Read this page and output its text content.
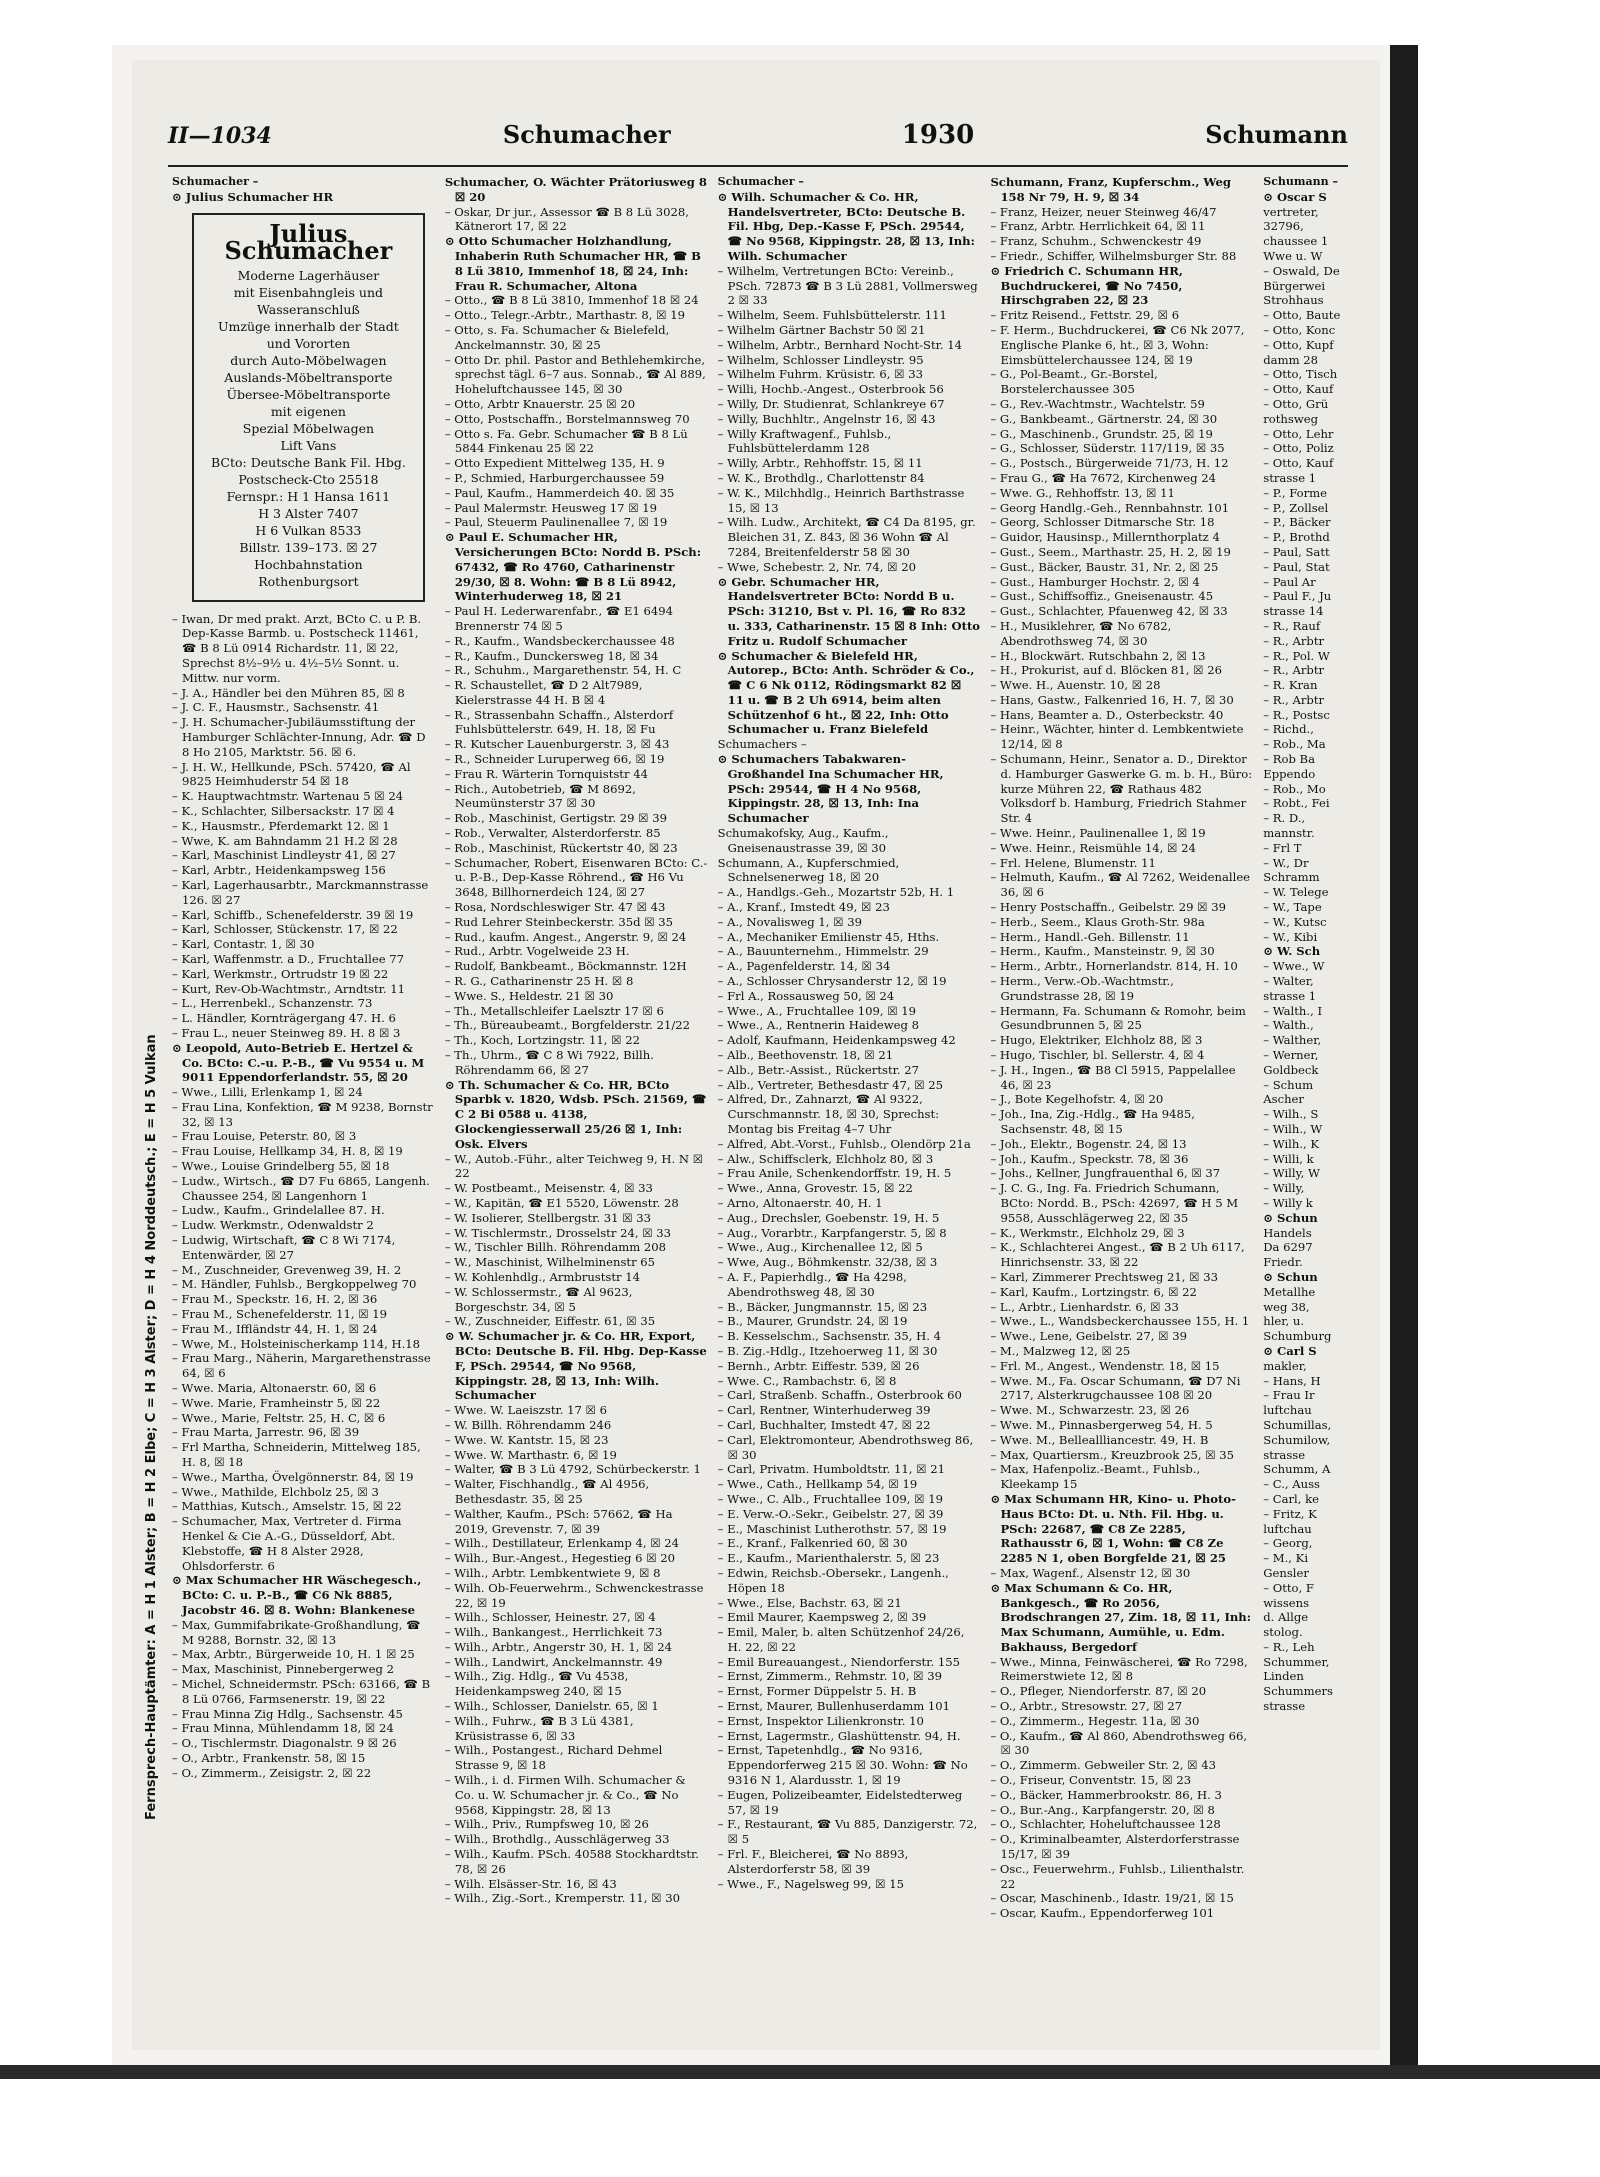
II—1034	Schumacher	1930	Schumann

Schumacher –

⊙ Julius Schumacher HR

Julius Schumacher
Moderne Lagerhäuser
mit Eisenbahngleis und
Wasseranschluß
Umzüge innerhalb der Stadt
und Vororten
durch Auto-Möbelwagen
Auslands-Möbeltransporte
Übersee-Möbeltransporte
mit eigenen
Spezial Möbelwagen
Lift Vans
BCto: Deutsche Bank Fil. Hbg.
Postscheck-Cto 25518
Fernspr.: H 1 Hansa 1611
H 3 Alster 7407
H 6 Vulkan 8533
Billstr. 139–173. ☒ 27
Hochbahnstation
Rothenburgsort

– Iwan, Dr med prakt. Arzt, BCto C. u P. B. Dep-Kasse Barmb. u. Postscheck 11461, ☎ B 8 Lü 0914 Richardstr. 11, ☒ 22, Sprechst 8½–9½ u. 4½–5½ Sonnt. u. Mittw. nur vorm.

– J. A., Händler bei den Mühren 85, ☒ 8

– J. C. F., Hausmstr., Sachsenstr. 41

– J. H. Schumacher-Jubiläumsstiftung der Hamburger Schlächter-Innung, Adr. ☎ D 8 Ho 2105, Marktstr. 56. ☒ 6.

– J. H. W., Hellkunde, PSch. 57420, ☎ Al 9825 Heimhuderstr 54 ☒ 18

– K. Hauptwachtmstr. Wartenau 5 ☒ 24

– K., Schlachter, Silbersackstr. 17 ☒ 4

– K., Hausmstr., Pferdemarkt 12. ☒ 1

– Wwe, K. am Bahndamm 21 H.2 ☒ 28

– Karl, Maschinist Lindleystr 41, ☒ 27

– Karl, Arbtr., Heidenkampsweg 156

– Karl, Lagerhausarbtr., Marckmannstrasse 126. ☒ 27

– Karl, Schiffb., Schenefelderstr. 39 ☒ 19

– Karl, Schlosser, Stückenstr. 17, ☒ 22

– Karl, Contastr. 1, ☒ 30

– Karl, Waffenmstr. a D., Fruchtallee 77

– Karl, Werkmstr., Ortrudstr 19 ☒ 22

– Kurt, Rev-Ob-Wachtmstr., Arndtstr. 11

– L., Herrenbekl., Schanzenstr. 73

– L. Händler, Kornträgergang 47. H. 6

– Frau L., neuer Steinweg 89. H. 8 ☒ 3

⊙ Leopold, Auto-Betrieb E. Hertzel & Co. BCto: C.-u. P.-B., ☎ Vu 9554 u. M 9011 Eppendorferlandstr. 55, ☒ 20

– Wwe., Lilli, Erlenkamp 1, ☒ 24

– Frau Lina, Konfektion, ☎ M 9238, Bornstr 32, ☒ 13

– Frau Louise, Peterstr. 80, ☒ 3

– Frau Louise, Hellkamp 34, H. 8, ☒ 19

– Wwe., Louise Grindelberg 55, ☒ 18

– Ludw., Wirtsch., ☎ D7 Fu 6865, Langenh. Chaussee 254, ☒ Langenhorn 1

– Ludw., Kaufm., Grindelallee 87. H.

– Ludw. Werkmstr., Odenwaldstr 2

– Ludwig, Wirtschaft, ☎ C 8 Wi 7174, Entenwärder, ☒ 27

– M., Zuschneider, Grevenweg 39, H. 2

– M. Händler, Fuhlsb., Bergkoppelweg 70

– Frau M., Speckstr. 16, H. 2, ☒ 36

– Frau M., Schenefelderstr. 11, ☒ 19

– Frau M., Iffländstr 44, H. 1, ☒ 24

– Wwe, M., Holsteinischerkamp 114, H.18

– Frau Marg., Näherin, Margarethenstrasse 64, ☒ 6

– Wwe. Maria, Altonaerstr. 60, ☒ 6

– Wwe. Marie, Framheinstr 5, ☒ 22

– Wwe., Marie, Feltstr. 25, H. C, ☒ 6

– Frau Marta, Jarrestr. 96, ☒ 39

– Frl Martha, Schneiderin, Mittelweg 185, H. 8, ☒ 18

– Wwe., Martha, Övelgönnerstr. 84, ☒ 19

– Wwe., Mathilde, Elchbolz 25, ☒ 3

– Matthias, Kutsch., Amselstr. 15, ☒ 22

– Schumacher, Max, Vertreter d. Firma Henkel & Cie A.-G., Düsseldorf, Abt. Klebstoffe, ☎ H 8 Alster 2928, Ohlsdorferstr. 6

⊙ Max Schumacher HR Wäschegesch., BCto: C. u. P.-B., ☎ C6 Nk 8885, Jacobstr 46. ☒ 8. Wohn: Blankenese

– Max, Gummifabrikate-Großhandlung, ☎ M 9288, Bornstr. 32, ☒ 13

– Max, Arbtr., Bürgerweide 10, H. 1 ☒ 25

– Max, Maschinist, Pinnebergerweg 2

– Michel, Schneidermstr. PSch: 63166, ☎ B 8 Lü 0766, Farmsenerstr. 19, ☒ 22

– Frau Minna Zig Hdlg., Sachsenstr. 45

– Frau Minna, Mühlendamm 18, ☒ 24

– O., Tischlermstr. Diagonalstr. 9 ☒ 26

– O., Arbtr., Frankenstr. 58, ☒ 15

– O., Zimmerm., Zeisigstr. 2, ☒ 22

Schumacher, O. Wächter Prätoriusweg 8 ☒ 20

– Oskar, Dr jur., Assessor ☎ B 8 Lü 3028, Kätnerort 17, ☒ 22

⊙ Otto Schumacher Holzhandlung, Inhaberin Ruth Schumacher HR, ☎ B 8 Lü 3810, Immenhof 18, ☒ 24, Inh: Frau R. Schumacher, Altona

– Otto., ☎ B 8 Lü 3810, Immenhof 18 ☒ 24

– Otto., Telegr.-Arbtr., Marthastr. 8, ☒ 19

– Otto, s. Fa. Schumacher & Bielefeld, Anckelmannstr. 30, ☒ 25

– Otto Dr. phil. Pastor and Bethlehemkirche, sprechst tägl. 6–7 aus. Sonnab., ☎ Al 889, Hoheluftchaussee 145, ☒ 30

– Otto, Arbtr Knauerstr. 25 ☒ 20

– Otto, Postschaffn., Borstelmannsweg 70

– Otto s. Fa. Gebr. Schumacher ☎ B 8 Lü 5844 Finkenau 25 ☒ 22

– Otto Expedient Mittelweg 135, H. 9

– P., Schmied, Harburgerchaussee 59

– Paul, Kaufm., Hammerdeich 40. ☒ 35

– Paul Malermstr. Heusweg 17 ☒ 19

– Paul, Steuerm Paulinenallee 7, ☒ 19

⊙ Paul E. Schumacher HR, Versicherungen BCto: Nordd B. PSch: 67432, ☎ Ro 4760, Catharinenstr 29/30, ☒ 8. Wohn: ☎ B 8 Lü 8942, Winterhuderweg 18, ☒ 21

– Paul H. Lederwarenfabr., ☎ E1 6494 Brennerstr 74 ☒ 5

– R., Kaufm., Wandsbeckerchaussee 48

– R., Kaufm., Dunckersweg 18, ☒ 34

– R., Schuhm., Margarethenstr. 54, H. C

– R. Schaustellet, ☎ D 2 Alt7989, Kielerstrasse 44 H. B ☒ 4

– R., Strassenbahn Schaffn., Alsterdorf Fuhlsbüttelerstr. 649, H. 18, ☒ Fu

– R. Kutscher Lauenburgerstr. 3, ☒ 43

– R., Schneider Luruperweg 66, ☒ 19

– Frau R. Wärterin Tornquiststr 44

– Rich., Autobetrieb, ☎ M 8692, Neumünsterstr 37 ☒ 30

– Rob., Maschinist, Gertigstr. 29 ☒ 39

– Rob., Verwalter, Alsterdorferstr. 85

– Rob., Maschinist, Rückertstr 40, ☒ 23

– Schumacher, Robert, Eisenwaren BCto: C.-u. P.-B., Dep-Kasse Röhrend., ☎ H6 Vu 3648, Billhornerdeich 124, ☒ 27

– Rosa, Nordschleswiger Str. 47 ☒ 43

– Rud Lehrer Steinbeckerstr. 35d ☒ 35

– Rud., kaufm. Angest., Angerstr. 9, ☒ 24

– Rud., Arbtr. Vogelweide 23 H.

– Rudolf, Bankbeamt., Böckmannstr. 12H

– R. G., Catharinenstr 25 H. ☒ 8

– Wwe. S., Heldestr. 21 ☒ 30

– Th., Metallschleifer Laelsztr 17 ☒ 6

– Th., Büreaubeamt., Borgfelderstr. 21/22

– Th., Koch, Lortzingstr. 11, ☒ 22

– Th., Uhrm., ☎ C 8 Wi 7922, Billh. Röhrendamm 66, ☒ 27

⊙ Th. Schumacher & Co. HR, BCto Sparbk v. 1820, Wdsb. PSch. 21569, ☎ C 2 Bi 0588 u. 4138, Glockengiesserwall 25/26 ☒ 1, Inh: Osk. Elvers

– W., Autob.-Führ., alter Teichweg 9, H. N ☒ 22

– W. Postbeamt., Meisenstr. 4, ☒ 33

– W., Kapitän, ☎ E1 5520, Löwenstr. 28

– W. Isolierer, Stellbergstr. 31 ☒ 33

– W. Tischlermstr., Drosselstr 24, ☒ 33

– W., Tischler Billh. Röhrendamm 208

– W., Maschinist, Wilhelminenstr 65

– W. Kohlenhdlg., Armbruststr 14

– W. Schlossermstr., ☎ Al 9623, Borgeschstr. 34, ☒ 5

– W., Zuschneider, Eiffestr. 61, ☒ 35

⊙ W. Schumacher jr. & Co. HR, Export, BCto: Deutsche B. Fil. Hbg. Dep-Kasse F, PSch. 29544, ☎ No 9568, Kippingstr. 28, ☒ 13, Inh: Wilh. Schumacher

– Wwe. W. Laeiszstr. 17 ☒ 6

– W. Billh. Röhrendamm 246

– Wwe. W. Kantstr. 15, ☒ 23

– Wwe. W. Marthastr. 6, ☒ 19

– Walter, ☎ B 3 Lü 4792, Schürbeckerstr. 1

– Walter, Fischhandlg., ☎ Al 4956, Bethesdastr. 35, ☒ 25

– Walther, Kaufm., PSch: 57662, ☎ Ha 2019, Grevenstr. 7, ☒ 39

– Wilh., Destillateur, Erlenkamp 4, ☒ 24

– Wilh., Bur.-Angest., Hegestieg 6 ☒ 20

– Wilh., Arbtr. Lembkentwiete 9, ☒ 8

– Wilh. Ob-Feuerwehrm., Schwenckestrasse 22, ☒ 19

– Wilh., Schlosser, Heinestr. 27, ☒ 4

– Wilh., Bankangest., Herrlichkeit 73

– Wilh., Arbtr., Angerstr 30, H. 1, ☒ 24

– Wilh., Landwirt, Anckelmannstr. 49

– Wilh., Zig. Hdlg., ☎ Vu 4538, Heidenkampsweg 240, ☒ 15

– Wilh., Schlosser, Danielstr. 65, ☒ 1

– Wilh., Fuhrw., ☎ B 3 Lü 4381, Krüsistrasse 6, ☒ 33

– Wilh., Postangest., Richard Dehmel Strasse 9, ☒ 18

– Wilh., i. d. Firmen Wilh. Schumacher & Co. u. W. Schumacher jr. & Co., ☎ No 9568, Kippingstr. 28, ☒ 13

– Wilh., Priv., Rumpfsweg 10, ☒ 26

– Wilh., Brothdlg., Ausschlägerweg 33

– Wilh., Kaufm. PSch. 40588 Stockhardtstr. 78, ☒ 26

– Wilh. Elsässer-Str. 16, ☒ 43

– Wilh., Zig.-Sort., Kremperstr. 11, ☒ 30

Schumacher –

⊙ Wilh. Schumacher & Co. HR, Handelsvertreter, BCto: Deutsche B. Fil. Hbg, Dep.-Kasse F, PSch. 29544, ☎ No 9568, Kippingstr. 28, ☒ 13, Inh: Wilh. Schumacher

– Wilhelm, Vertretungen BCto: Vereinb., PSch. 72873 ☎ B 3 Lü 2881, Vollmersweg 2 ☒ 33

– Wilhelm, Seem. Fuhlsbüttelerstr. 111

– Wilhelm Gärtner Bachstr 50 ☒ 21

– Wilhelm, Arbtr., Bernhard Nocht-Str. 14

– Wilhelm, Schlosser Lindleystr. 95

– Wilhelm Fuhrm. Krüsistr. 6, ☒ 33

– Willi, Hochb.-Angest., Osterbrook 56

– Willy, Dr. Studienrat, Schlankreye 67

– Willy, Buchhltr., Angelnstr 16, ☒ 43

– Willy Kraftwagenf., Fuhlsb., Fuhlsbüttelerdamm 128

– Willy, Arbtr., Rehhoffstr. 15, ☒ 11

– W. K., Brothdlg., Charlottenstr 84

– W. K., Milchhdlg., Heinrich Barthstrasse 15, ☒ 13

– Wilh. Ludw., Architekt, ☎ C4 Da 8195, gr. Bleichen 31, Z. 843, ☒ 36 Wohn ☎ Al 7284, Breitenfelderstr 58 ☒ 30

– Wwe, Schebestr. 2, Nr. 74, ☒ 20

⊙ Gebr. Schumacher HR, Handelsvertreter BCto: Nordd B u. PSch: 31210, Bst v. Pl. 16, ☎ Ro 832 u. 333, Catharinenstr. 15 ☒ 8 Inh: Otto Fritz u. Rudolf Schumacher

⊙ Schumacher & Bielefeld HR, Autorep., BCto: Anth. Schröder & Co., ☎ C 6 Nk 0112, Rödingsmarkt 82 ☒ 11 u. ☎ B 2 Uh 6914, beim alten Schützenhof 6 ht., ☒ 22, Inh: Otto Schumacher u. Franz Bielefeld

Schumachers –

⊙ Schumachers Tabakwaren-Großhandel Ina Schumacher HR, PSch: 29544, ☎ H 4 No 9568, Kippingstr. 28, ☒ 13, Inh: Ina Schumacher

Schumakofsky, Aug., Kaufm., Gneisenaustrasse 39, ☒ 30

Schumann, A., Kupferschmied, Schnelsenerweg 18, ☒ 20

– A., Handlgs.-Geh., Mozartstr 52b, H. 1

– A., Kranf., Imstedt 49, ☒ 23

– A., Novalisweg 1, ☒ 39

– A., Mechaniker Emilienstr 45, Hths.

– A., Bauunternehm., Himmelstr. 29

– A., Pagenfelderstr. 14, ☒ 34

– A., Schlosser Chrysanderstr 12, ☒ 19

– Frl A., Rossausweg 50, ☒ 24

– Wwe., A., Fruchtallee 109, ☒ 19

– Wwe., A., Rentnerin Haideweg 8

– Adolf, Kaufmann, Heidenkampsweg 42

– Alb., Beethovenstr. 18, ☒ 21

– Alb., Betr.-Assist., Rückertstr. 27

– Alb., Vertreter, Bethesdastr 47, ☒ 25

– Alfred, Dr., Zahnarzt, ☎ Al 9322, Curschmannstr. 18, ☒ 30, Sprechst: Montag bis Freitag 4–7 Uhr

– Alfred, Abt.-Vorst., Fuhlsb., Olendörp 21a

– Alw., Schiffsclerk, Elchholz 80, ☒ 3

– Frau Anile, Schenkendorffstr. 19, H. 5

– Wwe., Anna, Grovestr. 15, ☒ 22

– Arno, Altonaerstr. 40, H. 1

– Aug., Drechsler, Goebenstr. 19, H. 5

– Aug., Vorarbtr., Karpfangerstr. 5, ☒ 8

– Wwe., Aug., Kirchenallee 12, ☒ 5

– Wwe, Aug., Böhmkenstr. 32/38, ☒ 3

– A. F., Papierhdlg., ☎ Ha 4298, Abendrothsweg 48, ☒ 30

– B., Bäcker, Jungmannstr. 15, ☒ 23

– B., Maurer, Grundstr. 24, ☒ 19

– B. Kesselschm., Sachsenstr. 35, H. 4

– B. Zig.-Hdlg., Itzehoerweg 11, ☒ 30

– Bernh., Arbtr. Eiffestr. 539, ☒ 26

– Wwe. C., Rambachstr. 6, ☒ 8

– Carl, Straßenb. Schaffn., Osterbrook 60

– Carl, Rentner, Winterhuderweg 39

– Carl, Buchhalter, Imstedt 47, ☒ 22

– Carl, Elektromonteur, Abendrothsweg 86, ☒ 30

– Carl, Privatm. Humboldtstr. 11, ☒ 21

– Wwe., Cath., Hellkamp 54, ☒ 19

– Wwe., C. Alb., Fruchtallee 109, ☒ 19

– E. Verw.-O.-Sekr., Geibelstr. 27, ☒ 39

– E., Maschinist Lutherothstr. 57, ☒ 19

– E., Kranf., Falkenried 60, ☒ 30

– E., Kaufm., Marienthalerstr. 5, ☒ 23

– Edwin, Reichsb.-Obersekr., Langenh., Höpen 18

– Wwe., Else, Bachstr. 63, ☒ 21

– Emil Maurer, Kaempsweg 2, ☒ 39

– Emil, Maler, b. alten Schützenhof 24/26, H. 22, ☒ 22

– Emil Bureauangest., Niendorferstr. 155

– Ernst, Zimmerm., Rehmstr. 10, ☒ 39

– Ernst, Former Düppelstr 5. H. B

– Ernst, Maurer, Bullenhuserdamm 101

– Ernst, Inspektor Lilienkronstr. 10

– Ernst, Lagermstr., Glashüttenstr. 94, H.

– Ernst, Tapetenhdlg., ☎ No 9316, Eppendorferweg 215 ☒ 30. Wohn: ☎ No 9316 N 1, Alardusstr. 1, ☒ 19

– Eugen, Polizeibeamter, Eidelstedterweg 57, ☒ 19

– F., Restaurant, ☎ Vu 885, Danzigerstr. 72, ☒ 5

– Frl. F., Bleicherei, ☎ No 8893, Alsterdorferstr 58, ☒ 39

– Wwe., F., Nagelsweg 99, ☒ 15

Schumann, Franz, Kupferschm., Weg 158 Nr 79, H. 9, ☒ 34

– Franz, Heizer, neuer Steinweg 46/47

– Franz, Arbtr. Herrlichkeit 64, ☒ 11

– Franz, Schuhm., Schwenckestr 49

– Friedr., Schiffer, Wilhelmsburger Str. 88

⊙ Friedrich C. Schumann HR, Buchdruckerei, ☎ No 7450, Hirschgraben 22, ☒ 23

– Fritz Reisend., Fettstr. 29, ☒ 6

– F. Herm., Buchdruckerei, ☎ C6 Nk 2077, Englische Planke 6, ht., ☒ 3, Wohn: Eimsbüttelerchaussee 124, ☒ 19

– G., Pol-Beamt., Gr.-Borstel, Borstelerchaussee 305

– G., Rev.-Wachtmstr., Wachtelstr. 59

– G., Bankbeamt., Gärtnerstr. 24, ☒ 30

– G., Maschinenb., Grundstr. 25, ☒ 19

– G., Schlosser, Süderstr. 117/119, ☒ 35

– G., Postsch., Bürgerweide 71/73, H. 12

– Frau G., ☎ Ha 7672, Kirchenweg 24

– Wwe. G., Rehhoffstr. 13, ☒ 11

– Georg Handlg.-Geh., Rennbahnstr. 101

– Georg, Schlosser Ditmarsche Str. 18

– Guidor, Hausinsp., Millernthorplatz 4

– Gust., Seem., Marthastr. 25, H. 2, ☒ 19

– Gust., Bäcker, Baustr. 31, Nr. 2, ☒ 25

– Gust., Hamburger Hochstr. 2, ☒ 4

– Gust., Schiffsoffiz., Gneisenaustr. 45

– Gust., Schlachter, Pfauenweg 42, ☒ 33

– H., Musiklehrer, ☎ No 6782, Abendrothsweg 74, ☒ 30

– H., Blockwärt. Rutschbahn 2, ☒ 13

– H., Prokurist, auf d. Blöcken 81, ☒ 26

– Wwe. H., Auenstr. 10, ☒ 28

– Hans, Gastw., Falkenried 16, H. 7, ☒ 30

– Hans, Beamter a. D., Osterbeckstr. 40

– Heinr., Wächter, hinter d. Lembkentwiete 12/14, ☒ 8

– Schumann, Heinr., Senator a. D., Direktor d. Hamburger Gaswerke G. m. b. H., Büro: kurze Mühren 22, ☎ Rathaus 482 Volksdorf b. Hamburg, Friedrich Stahmer Str. 4

– Wwe. Heinr., Paulinenallee 1, ☒ 19

– Wwe. Heinr., Reismühle 14, ☒ 24

– Frl. Helene, Blumenstr. 11

– Helmuth, Kaufm., ☎ Al 7262, Weidenallee 36, ☒ 6

– Henry Postschaffn., Geibelstr. 29 ☒ 39

– Herb., Seem., Klaus Groth-Str. 98a

– Herm., Handl.-Geh. Billenstr. 11

– Herm., Kaufm., Mansteinstr. 9, ☒ 30

– Herm., Arbtr., Hornerlandstr. 814, H. 10

– Herm., Verw.-Ob.-Wachtmstr., Grundstrasse 28, ☒ 19

– Hermann, Fa. Schumann & Romohr, beim Gesundbrunnen 5, ☒ 25

– Hugo, Elektriker, Elchholz 88, ☒ 3

– Hugo, Tischler, bl. Sellerstr. 4, ☒ 4

– J. H., Ingen., ☎ B8 Cl 5915, Pappelallee 46, ☒ 23

– J., Bote Kegelhofstr. 4, ☒ 20

– Joh., Ina, Zig.-Hdlg., ☎ Ha 9485, Sachsenstr. 48, ☒ 15

– Joh., Elektr., Bogenstr. 24, ☒ 13

– Joh., Kaufm., Speckstr. 78, ☒ 36

– Johs., Kellner, Jungfrauenthal 6, ☒ 37

– J. C. G., Ing. Fa. Friedrich Schumann, BCto: Nordd. B., PSch: 42697, ☎ H 5 M 9558, Ausschlägerweg 22, ☒ 35

– K., Werkmstr., Elchholz 29, ☒ 3

– K., Schlachterei Angest., ☎ B 2 Uh 6117, Hinrichsenstr. 33, ☒ 22

– Karl, Zimmerer Prechtsweg 21, ☒ 33

– Karl, Kaufm., Lortzingstr. 6, ☒ 22

– L., Arbtr., Lienhardstr. 6, ☒ 33

– Wwe., L., Wandsbeckerchaussee 155, H. 1

– Wwe., Lene, Geibelstr. 27, ☒ 39

– M., Malzweg 12, ☒ 25

– Frl. M., Angest., Wendenstr. 18, ☒ 15

– Wwe. M., Fa. Oscar Schumann, ☎ D7 Ni 2717, Alsterkrugchaussee 108 ☒ 20

– Wwe. M., Schwarzestr. 23, ☒ 26

– Wwe. M., Pinnasbergerweg 54, H. 5

– Wwe. M., Belleallliancestr. 49, H. B

– Max, Quartiersm., Kreuzbrook 25, ☒ 35

– Max, Hafenpoliz.-Beamt., Fuhlsb., Kleekamp 15

⊙ Max Schumann HR, Kino- u. Photo-Haus BCto: Dt. u. Nth. Fil. Hbg. u. PSch: 22687, ☎ C8 Ze 2285, Rathausstr 6, ☒ 1, Wohn: ☎ C8 Ze 2285 N 1, oben Borgfelde 21, ☒ 25

– Max, Wagenf., Alsenstr 12, ☒ 30

⊙ Max Schumann & Co. HR, Bankgesch., ☎ Ro 2056, Brodschrangen 27, Zim. 18, ☒ 11, Inh: Max Schumann, Aumühle, u. Edm. Bakhauss, Bergedorf

– Wwe., Minna, Feinwäscherei, ☎ Ro 7298, Reimerstwiete 12, ☒ 8

– O., Pfleger, Niendorferstr. 87, ☒ 20

– O., Arbtr., Stresowstr. 27, ☒ 27

– O., Zimmerm., Hegestr. 11a, ☒ 30

– O., Kaufm., ☎ Al 860, Abendrothsweg 66, ☒ 30

– O., Zimmerm. Gebweiler Str. 2, ☒ 43

– O., Friseur, Conventstr. 15, ☒ 23

– O., Bäcker, Hammerbrookstr. 86, H. 3

– O., Bur.-Ang., Karpfangerstr. 20, ☒ 8

– O., Schlachter, Hoheluftchaussee 128

– O., Kriminalbeamter, Alsterdorferstrasse 15/17, ☒ 39

– Osc., Feuerwehrm., Fuhlsb., Lilienthalstr. 22

– Oscar, Maschinenb., Idastr. 19/21, ☒ 15

– Oscar, Kaufm., Eppendorferweg 101

Schumann –

⊙ Oscar S

vertreter,

32796,

chaussee 1

Wwe u. W

– Oswald, De

Bürgerwei

Strohhaus

– Otto, Baute

– Otto, Konc

– Otto, Kupf

damm 28

– Otto, Tisch

– Otto, Kauf

– Otto, Grü

rothsweg

– Otto, Lehr

– Otto, Poliz

– Otto, Kauf

strasse 1

– P., Forme

– P., Zollsel

– P., Bäcker

– P., Brothd

– Paul, Satt

– Paul, Stat

– Paul Ar

– Paul F., Ju

strasse 14

– R., Rauf

– R., Arbtr

– R., Pol. W

– R., Arbtr

– R. Kran

– R., Arbtr

– R., Postsc

– Richd.,

– Rob., Ma

– Rob Ba

Eppendo

– Rob., Mo

– Robt., Fei

– R. D.,

mannstr.

– Frl T

– W., Dr

Schramm

– W. Telege

– W., Tape

– W., Kutsc

– W., Kibi

⊙ W. Sch

– Wwe., W

– Walter,

strasse 1

– Walth., I

– Walth.,

– Walther,

– Werner,

Goldbeck

– Schum

Ascher

– Wilh., S

– Wilh., W

– Wilh., K

– Willi, k

– Willy, W

– Willy,

– Willy k

⊙ Schun

Handels

Da 6297

Friedr.

⊙ Schun

Metallhe

weg 38,

hler, u.

Schumburg

⊙ Carl S

makler,

– Hans, H

– Frau Ir

luftchau

Schumillas,

Schumilow,

strasse

Schumm, A

– C., Auss

– Carl, ke

– Fritz, K

luftchau

– Georg,

– M., Ki

Gensler

– Otto, F

wissens

d. Allge

stolog.

– R., Leh

Schummer,

Linden

Schummers

strasse

Fernsprech-Hauptämter: A = H 1 Alster; B = H 2 Elbe; C = H 3 Alster; D = H 4 Norddeutsch.; E = H 5 Vulkan
